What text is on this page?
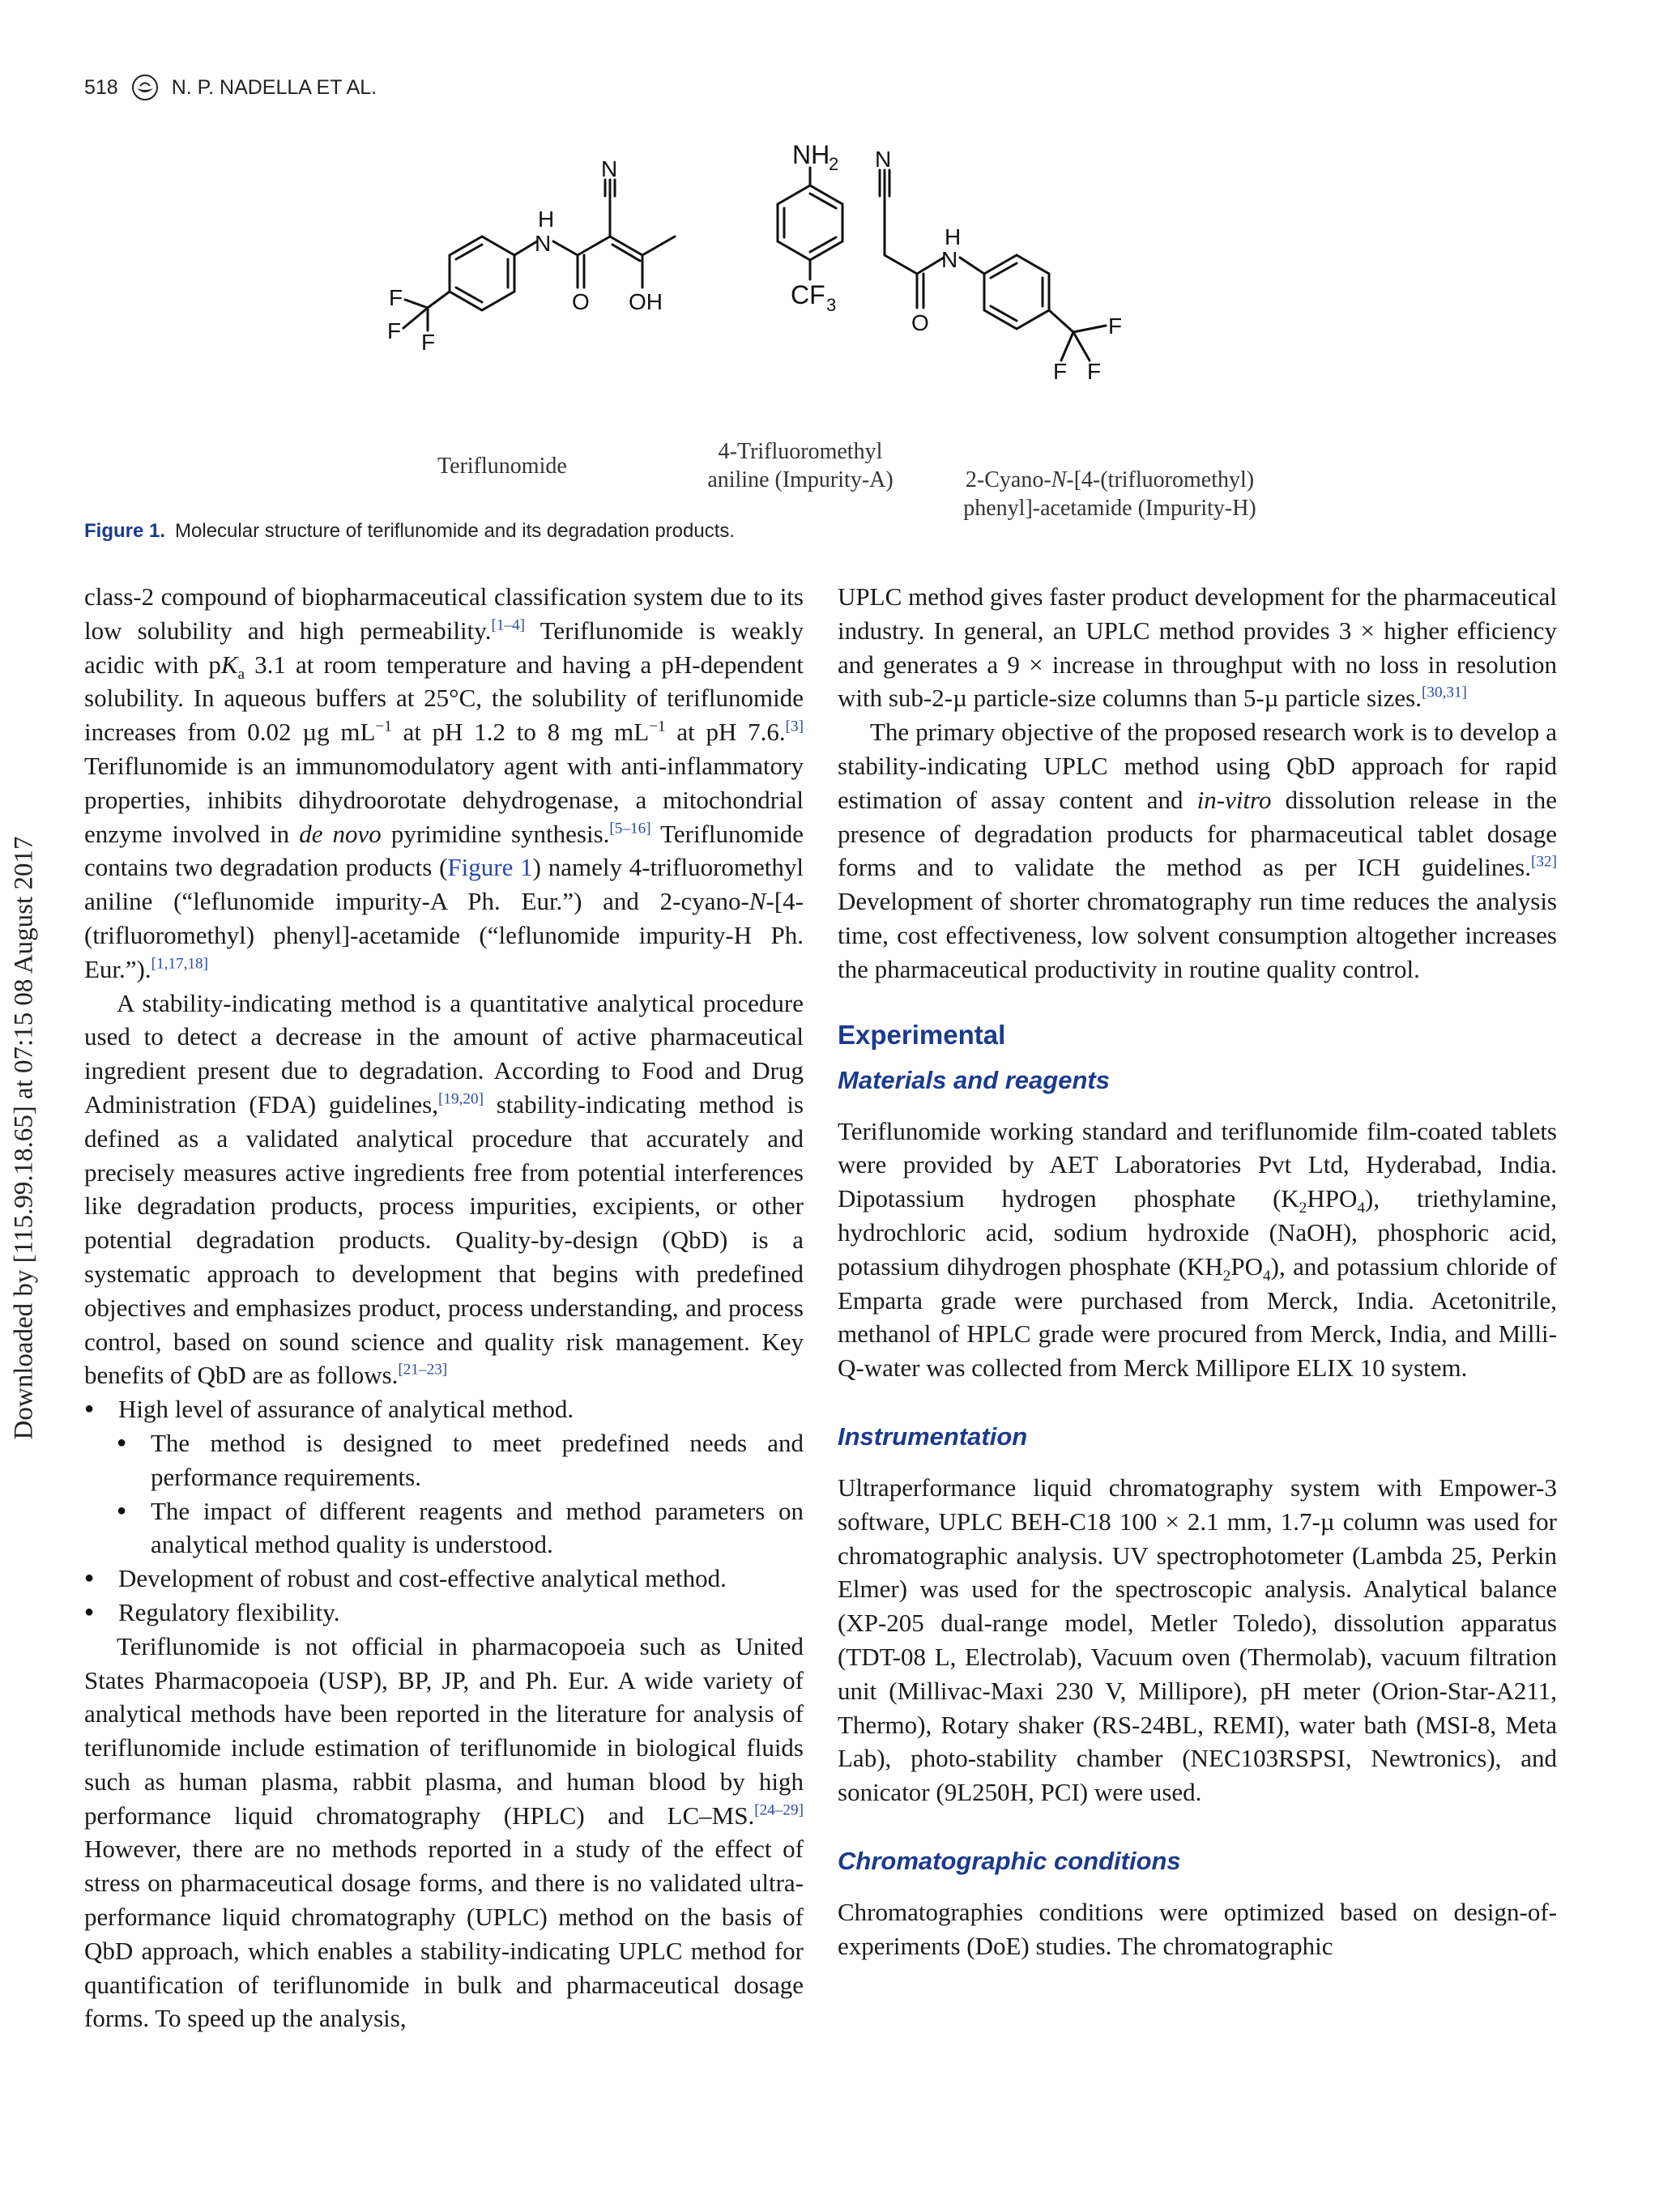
518	N. P. NADELLA ET AL.
Downloaded by [115.99.18.65] at 07:15 08 August 2017
N
N
H
O OH
F
F F
NH
2
CF 3
N
H
N
O	F
F F
Teriflunomide
4-Trifluoromethyl
aniline (Impurity-A)	2-Cyano-N-[4-(trifluoromethyl)
phenyl]-acetamide (Impurity-H)

Figure 1. Molecular structure of teriflunomide and its degradation products.

class-2 compound of biopharmaceutical classification system due to its low solubility and high permeability.[1–4] Teriflunomide is weakly acidic with $pK_a$ 3.1 at room temperature and having a pH-dependent solubility. In aqueous buffers at 25°C, the solubility of teriflunomide increases from 0.02 µg $mL^{-1}$ at pH 1.2 to 8 mg $mL^{-1}$ at pH 7.6.[3] Teriflunomide is an immunomodulatory agent with anti-inflammatory properties, inhibits dihydroorotate dehydrogenase, a mitochondrial enzyme involved in de novo pyrimidine synthesis.[5–16] Teriflunomide contains two degradation products (Figure 1) namely 4-trifluoromethyl aniline (“leflunomide impurity-A Ph. Eur.”) and 2-cyano-N-[4-(trifluoromethyl) phenyl]-acetamide (“leflunomide impurity-H Ph. Eur.”).[1,17,18]

A stability-indicating method is a quantitative analytical procedure used to detect a decrease in the amount of active pharmaceutical ingredient present due to degradation. According to Food and Drug Administration (FDA) guidelines,[19,20] stability-indicating method is defined as a validated analytical procedure that accurately and precisely measures active ingredients free from potential interferences like degradation products, process impurities, excipients, or other potential degradation products. Quality-by-design (QbD) is a systematic approach to development that begins with predefined objectives and emphasizes product, process understanding, and process control, based on sound science and quality risk management. Key benefits of QbD are as follows.[21–23]

● High level of assurance of analytical method.
● The method is designed to meet predefined needs and performance requirements.
● The impact of different reagents and method parameters on analytical method quality is understood.
● Development of robust and cost-effective analytical method.
● Regulatory flexibility.

Teriflunomide is not official in pharmacopoeia such as United States Pharmacopoeia (USP), BP, JP, and Ph. Eur. A wide variety of analytical methods have been reported in the literature for analysis of teriflunomide include estimation of teriflunomide in biological fluids such as human plasma, rabbit plasma, and human blood by high performance liquid chromatography (HPLC) and LC–MS.[24–29] However, there are no methods reported in a study of the effect of stress on pharmaceutical dosage forms, and there is no validated ultra-performance liquid chromatography (UPLC) method on the basis of QbD approach, which enables a stability-indicating UPLC method for quantification of teriflunomide in bulk and pharmaceutical dosage forms. To speed up the analysis,

UPLC method gives faster product development for the pharmaceutical industry. In general, an UPLC method provides 3 × higher efficiency and generates a 9 × increase in throughput with no loss in resolution with sub-2-µ particle-size columns than 5-µ particle sizes.[30,31]

The primary objective of the proposed research work is to develop a stability-indicating UPLC method using QbD approach for rapid estimation of assay content and in-vitro dissolution release in the presence of degradation products for pharmaceutical tablet dosage forms and to validate the method as per ICH guidelines.[32] Development of shorter chromatography run time reduces the analysis time, cost effectiveness, low solvent consumption altogether increases the pharmaceutical productivity in routine quality control.

Experimental
Materials and reagents

Teriflunomide working standard and teriflunomide film-coated tablets were provided by AET Laboratories Pvt Ltd, Hyderabad, India. Dipotassium hydrogen phosphate $(K_2HPO_4)$, triethylamine, hydrochloric acid, sodium hydroxide (NaOH), phosphoric acid, potassium dihydrogen phosphate $(KH_2PO_4)$, and potassium chloride of Emparta grade were purchased from Merck, India. Acetonitrile, methanol of HPLC grade were procured from Merck, India, and Milli-Q-water was collected from Merck Millipore ELIX 10 system.

Instrumentation

Ultraperformance liquid chromatography system with Empower-3 software, UPLC BEH-C18 100 × 2.1 mm, 1.7-µ column was used for chromatographic analysis. UV spectrophotometer (Lambda 25, Perkin Elmer) was used for the spectroscopic analysis. Analytical balance (XP-205 dual-range model, Metler Toledo), dissolution apparatus (TDT-08 L, Electrolab), Vacuum oven (Thermolab), vacuum filtration unit (Millivac-Maxi 230 V, Millipore), pH meter (Orion-Star-A211, Thermo), Rotary shaker (RS-24BL, REMI), water bath (MSI-8, Meta Lab), photo-stability chamber (NEC103RSPSI, Newtronics), and sonicator (9L250H, PCI) were used.

Chromatographic conditions

Chromatographies conditions were optimized based on design-of-experiments (DoE) studies. The chromatographic
